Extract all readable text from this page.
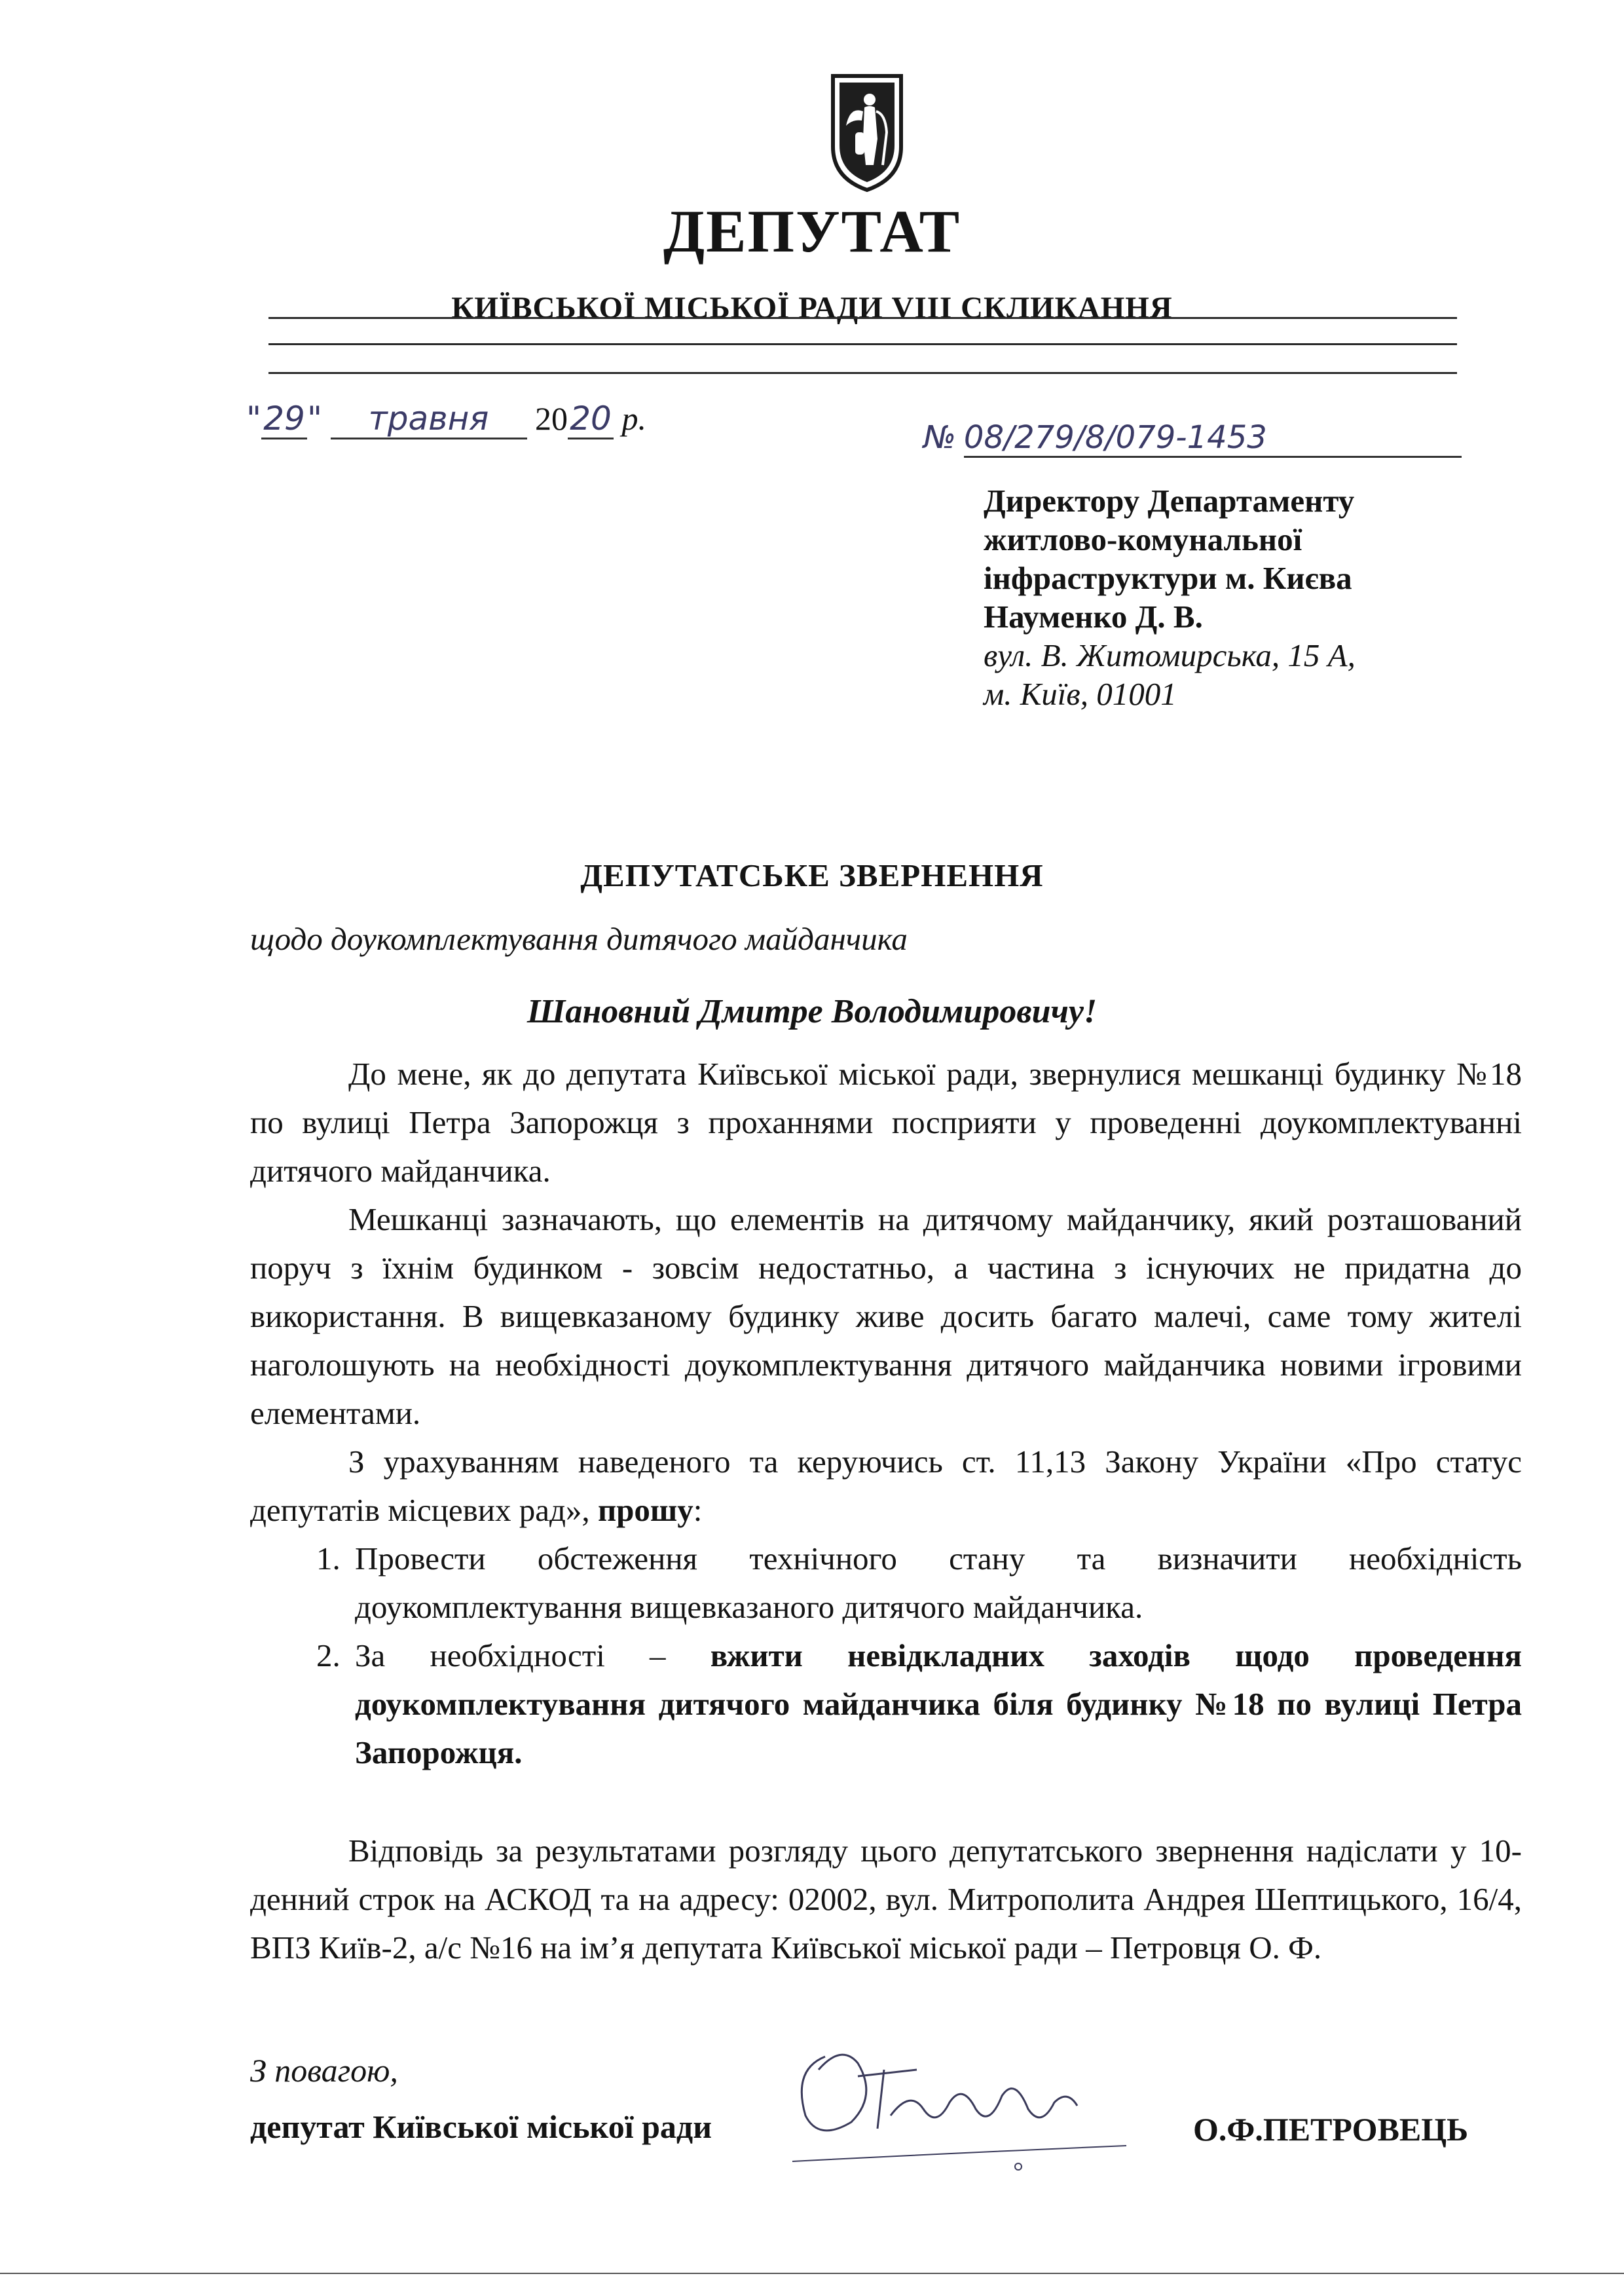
ДЕПУТАТ
КИЇВСЬКОЇ МІСЬКОЇ РАДИ VIII СКЛИКАННЯ
"29" травня 2020 р.
№ 08/279/8/079-1453
Директору Департаменту
житлово-комунальної
інфраструктури м. Києва
Науменко Д. В.
вул. В. Житомирська, 15 А,
м. Київ, 01001
ДЕПУТАТСЬКЕ ЗВЕРНЕННЯ
щодо доукомплектування дитячого майданчика
Шановний Дмитре Володимировичу!

До мене, як до депутата Київської міської ради, звернулися мешканці будинку №18 по вулиці Петра Запорожця з проханнями посприяти у проведенні доукомплектуванні дитячого майданчика.

Мешканці зазначають, що елементів на дитячому майданчику, який розташований поруч з їхнім будинком - зовсім недостатньо, а частина з існуючих не придатна до використання. В вищевказаному будинку живе досить багато малечі, саме тому жителі наголошують на необхідності доукомплектування дитячого майданчика новими ігровими елементами.

З урахуванням наведеного та керуючись ст. 11,13 Закону України «Про статус депутатів місцевих рад», прошу:

1. Провести обстеження технічного стану та визначити необхідність доукомплектування вищевказаного дитячого майданчика.
2. За необхідності – вжити невідкладних заходів щодо проведення доукомплектування дитячого майданчика біля будинку №18 по вулиці Петра Запорожця.

Відповідь за результатами розгляду цього депутатського звернення надіслати у 10-денний строк на АСКОД та на адресу: 02002, вул. Митрополита Андрея Шептицького, 16/4, ВПЗ Київ-2, а/с №16 на ім’я депутата Київської міської ради – Петровця О. Ф.

З повагою,
депутат Київської міської ради	О.Ф.ПЕТРОВЕЦЬ
